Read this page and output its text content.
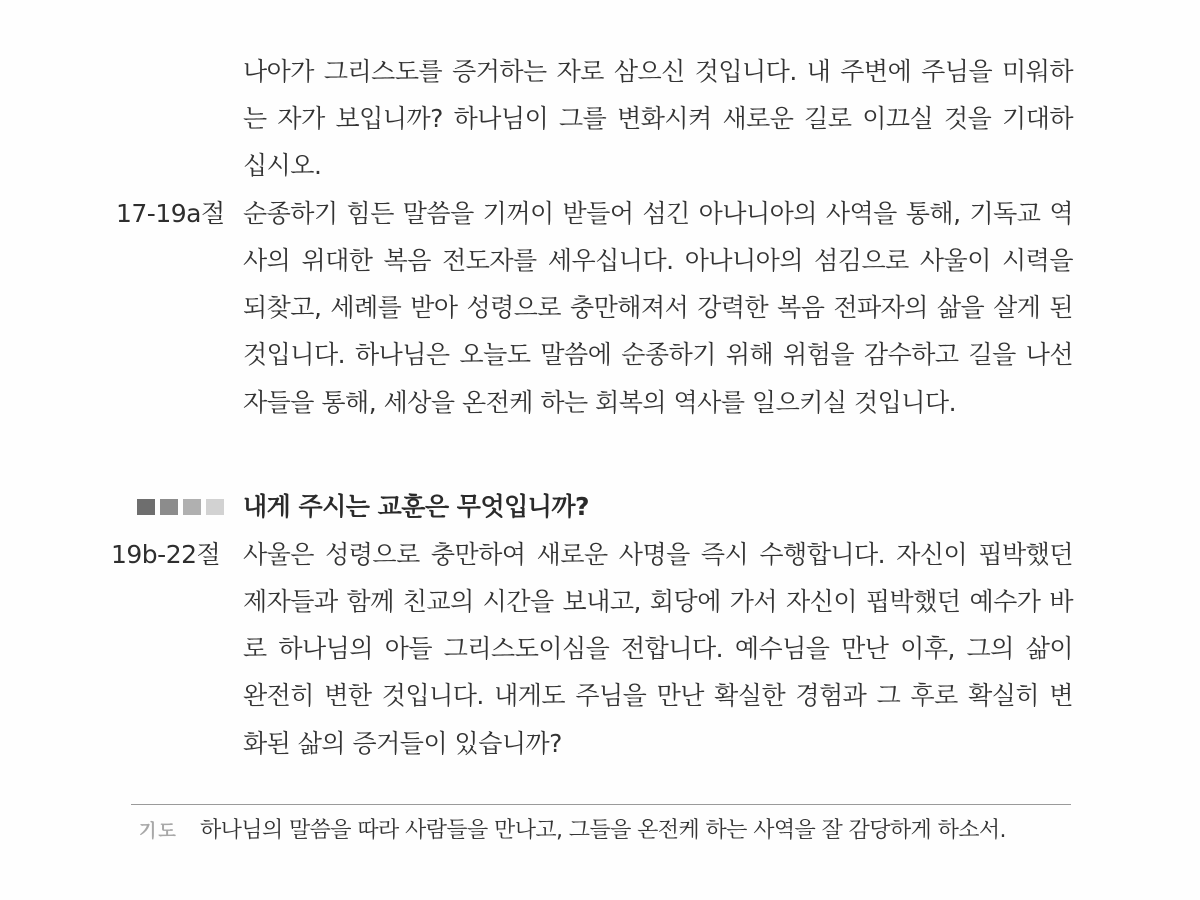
나아가 그리스도를 증거하는 자로 삼으신 것입니다. 내 주변에 주님을 미워하
는 자가 보입니까? 하나님이 그를 변화시켜 새로운 길로 이끄실 것을 기대하
십시오.
17-19a절 순종하기 힘든 말씀을 기꺼이 받들어 섬긴 아나니아의 사역을 통해, 기독교 역
사의 위대한 복음 전도자를 세우십니다. 아나니아의 섬김으로 사울이 시력을
되찾고, 세례를 받아 성령으로 충만해져서 강력한 복음 전파자의 삶을 살게 된
것입니다. 하나님은 오늘도 말씀에 순종하기 위해 위험을 감수하고 길을 나선
자들을 통해, 세상을 온전케 하는 회복의 역사를 일으키실 것입니다.
내게 주시는 교훈은 무엇입니까?
19b-22절 사울은 성령으로 충만하여 새로운 사명을 즉시 수행합니다. 자신이 핍박했던
제자들과 함께 친교의 시간을 보내고, 회당에 가서 자신이 핍박했던 예수가 바
로 하나님의 아들 그리스도이심을 전합니다. 예수님을 만난 이후, 그의 삶이
완전히 변한 것입니다. 내게도 주님을 만난 확실한 경험과 그 후로 확실히 변
화된 삶의 증거들이 있습니까?
기도 하나님의 말씀을 따라 사람들을 만나고, 그들을 온전케 하는 사역을 잘 감당하게 하소서.
